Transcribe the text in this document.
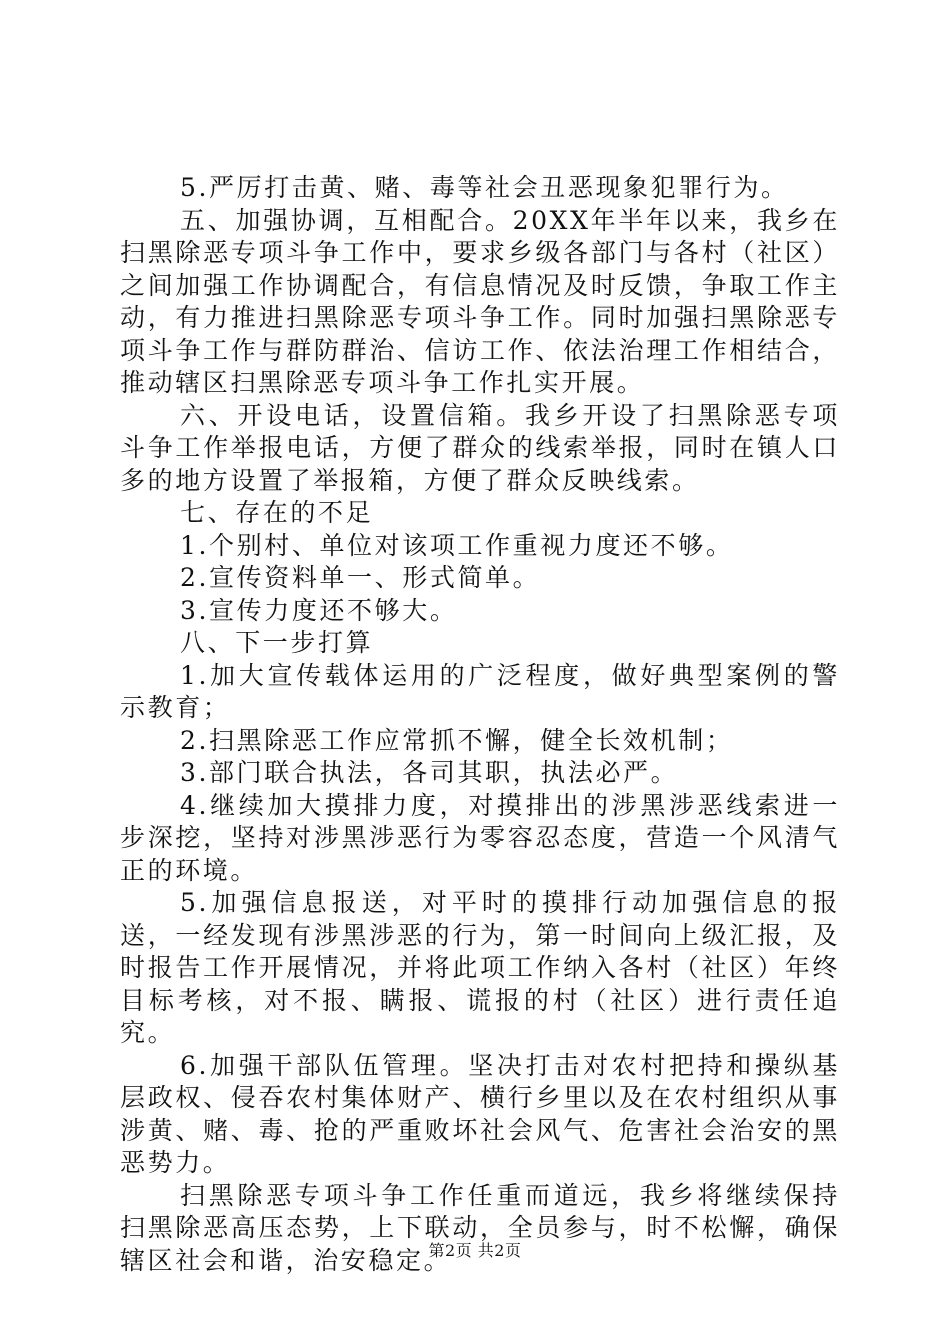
5.严厉打击黄、赌、毒等社会丑恶现象犯罪行为。

五、加强协调，互相配合。20XX年半年以来，我乡在扫黑除恶专项斗争工作中，要求乡级各部门与各村（社区）之间加强工作协调配合，有信息情况及时反馈，争取工作主动，有力推进扫黑除恶专项斗争工作。同时加强扫黑除恶专项斗争工作与群防群治、信访工作、依法治理工作相结合，推动辖区扫黑除恶专项斗争工作扎实开展。

六、开设电话，设置信箱。我乡开设了扫黑除恶专项斗争工作举报电话，方便了群众的线索举报，同时在镇人口多的地方设置了举报箱，方便了群众反映线索。

七、存在的不足

1.个别村、单位对该项工作重视力度还不够。

2.宣传资料单一、形式简单。

3.宣传力度还不够大。

八、下一步打算

1.加大宣传载体运用的广泛程度，做好典型案例的警示教育；

2.扫黑除恶工作应常抓不懈，健全长效机制；

3.部门联合执法，各司其职，执法必严。

4.继续加大摸排力度，对摸排出的涉黑涉恶线索进一步深挖，坚持对涉黑涉恶行为零容忍态度，营造一个风清气正的环境。

5.加强信息报送，对平时的摸排行动加强信息的报送，一经发现有涉黑涉恶的行为，第一时间向上级汇报，及时报告工作开展情况，并将此项工作纳入各村（社区）年终目标考核，对不报、瞒报、谎报的村（社区）进行责任追究。

6.加强干部队伍管理。坚决打击对农村把持和操纵基层政权、侵吞农村集体财产、横行乡里以及在农村组织从事涉黄、赌、毒、抢的严重败坏社会风气、危害社会治安的黑恶势力。

扫黑除恶专项斗争工作任重而道远，我乡将继续保持扫黑除恶高压态势，上下联动，全员参与，时不松懈，确保辖区社会和谐，治安稳定。

第2页 共2页
